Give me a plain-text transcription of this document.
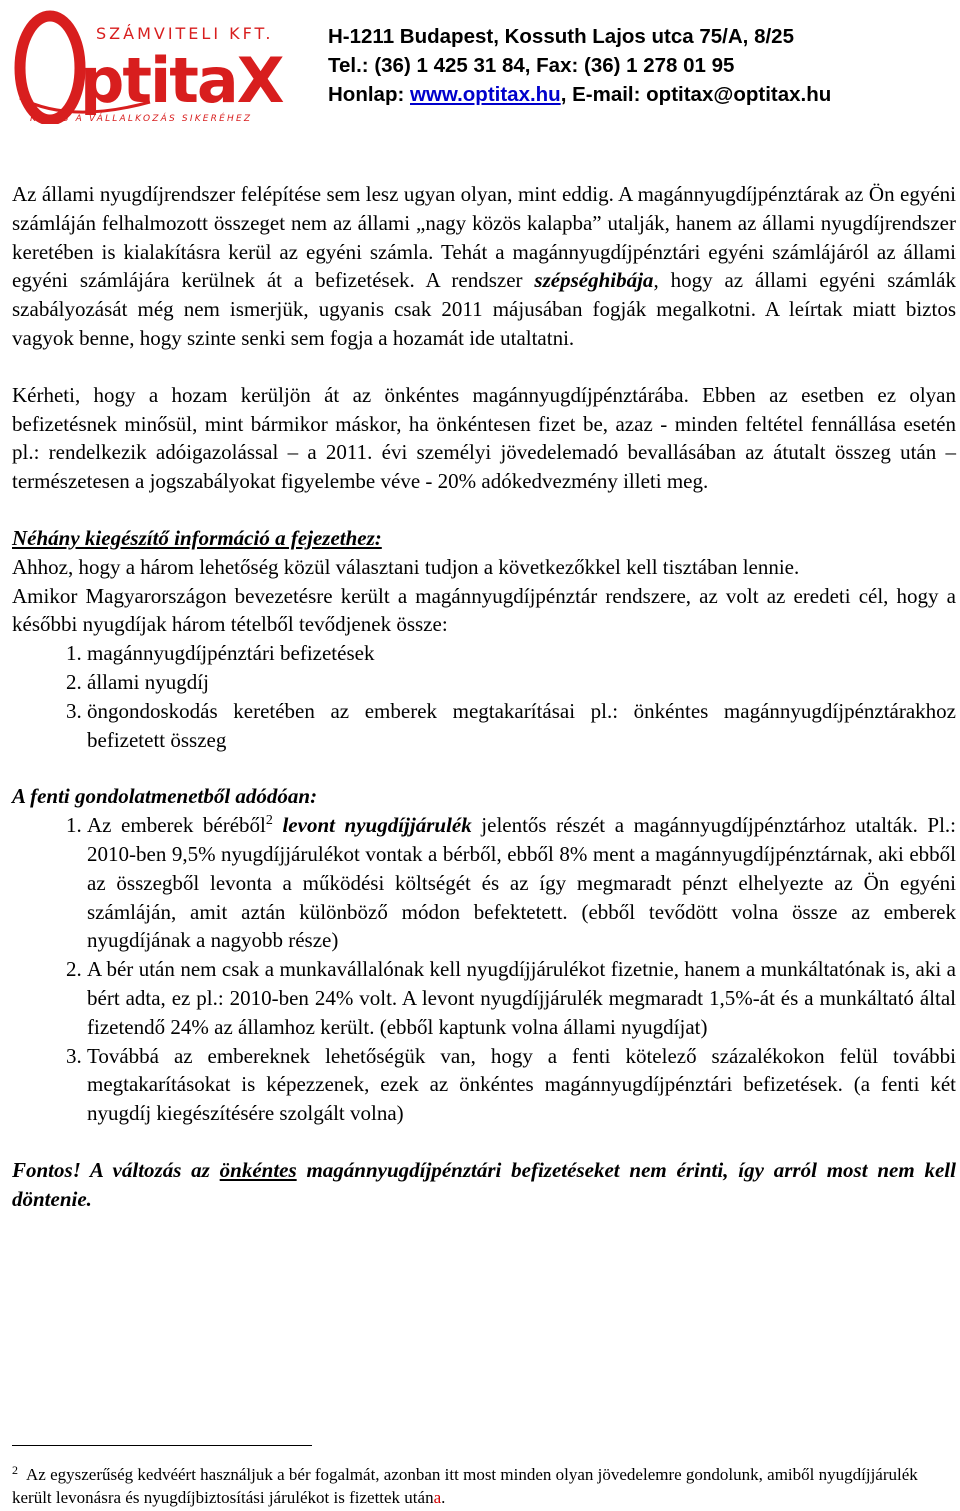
ptitaX
SZÁMVITELI KFT.
KULCS A VÁLLALKOZÁS SIKERÉHEZ
H-1211 Budapest, Kossuth Lajos utca 75/A, 8/25
Tel.: (36) 1 425 31 84, Fax: (36) 1 278 01 95
Honlap: www.optitax.hu, E-mail: optitax@optitax.hu

Az állami nyugdíjrendszer felépítése sem lesz ugyan olyan, mint eddig. A magánnyugdíjpénztárak az Ön egyéni számláján felhalmozott összeget nem az állami „nagy közös kalapba” utalják, hanem az állami nyugdíjrendszer keretében is kialakításra kerül az egyéni számla. Tehát a magánnyugdíjpénztári egyéni számlájáról az állami egyéni számlájára kerülnek át a befizetések. A rendszer szépséghibája, hogy az állami egyéni számlák szabályozását még nem ismerjük, ugyanis csak 2011 májusában fogják megalkotni. A leírtak miatt biztos vagyok benne, hogy szinte senki sem fogja a hozamát ide utaltatni.

Kérheti, hogy a hozam kerüljön át az önkéntes magánnyugdíjpénztárába. Ebben az esetben ez olyan befizetésnek minősül, mint bármikor máskor, ha önkéntesen fizet be, azaz - minden feltétel fennállása esetén pl.: rendelkezik adóigazolással – a 2011. évi személyi jövedelemadó bevallásában az átutalt összeg után – természetesen a jogszabályokat figyelembe véve - 20% adókedvezmény illeti meg.

Néhány kiegészítő információ a fejezethez:

Ahhoz, hogy a három lehetőség közül választani tudjon a következőkkel kell tisztában lennie.

Amikor Magyarországon bevezetésre került a magánnyugdíjpénztár rendszere, az volt az eredeti cél, hogy a későbbi nyugdíjak három tételből tevődjenek össze:

1. magánnyugdíjpénztári befizetések
2. állami nyugdíj
3. öngondoskodás keretében az emberek megtakarításai pl.: önkéntes magánnyugdíjpénztárakhoz befizetett összeg

A fenti gondolatmenetből adódóan:

1. Az emberek béréből$^2$ levont nyugdíjjárulék jelentős részét a magánnyugdíjpénztárhoz utalták. Pl.: 2010-ben 9,5% nyugdíjjárulékot vontak a bérből, ebből 8% ment a magánnyugdíjpénztárnak, aki ebből az összegből levonta a működési költségét és az így megmaradt pénzt elhelyezte az Ön egyéni számláján, amit aztán különböző módon befektetett. (ebből tevődött volna össze az emberek nyugdíjának a nagyobb része)
2. A bér után nem csak a munkavállalónak kell nyugdíjjárulékot fizetnie, hanem a munkáltatónak is, aki a bért adta, ez pl.: 2010-ben 24% volt. A levont nyugdíjjárulék megmaradt 1,5%-át és a munkáltató által fizetendő 24% az államhoz került. (ebből kaptunk volna állami nyugdíjat)
3. Továbbá az embereknek lehetőségük van, hogy a fenti kötelező százalékokon felül további megtakarításokat is képezzenek, ezek az önkéntes magánnyugdíjpénztári befizetések. (a fenti két nyugdíj kiegészítésére szolgált volna)

Fontos! A változás az önkéntes magánnyugdíjpénztári befizetéseket nem érinti, így arról most nem kell döntenie.

$^2$ Az egyszerűség kedvéért használjuk a bér fogalmát, azonban itt most minden olyan jövedelemre gondolunk, amiből nyugdíjjárulék került levonásra és nyugdíjbiztosítási járulékot is fizettek utána.
